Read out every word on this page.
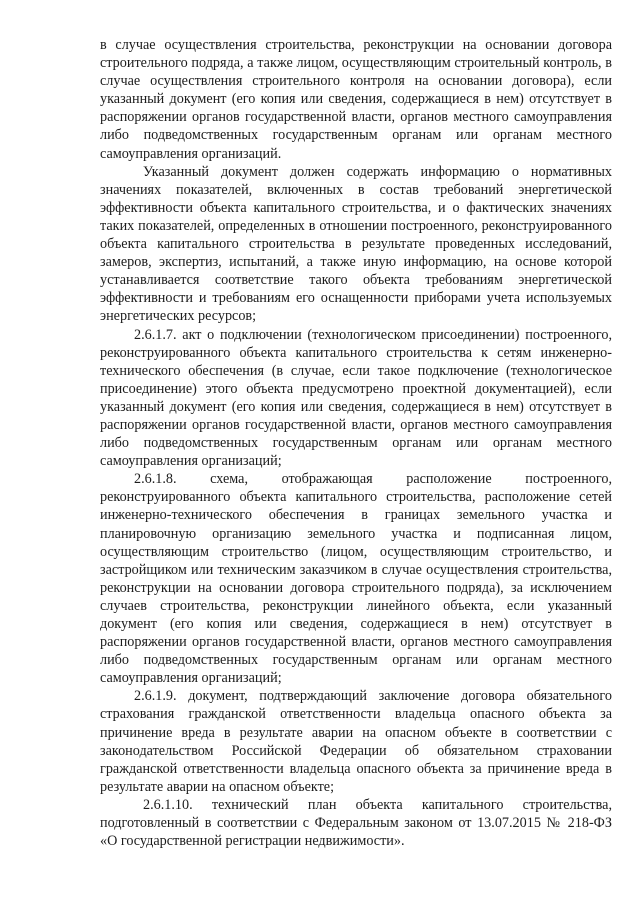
в случае осуществления строительства, реконструкции на основании договора строительного подряда, а также лицом, осуществляющим строительный контроль, в случае осуществления строительного контроля на основании договора), если указанный документ (его копия или сведения, содержащиеся в нем) отсутствует в распоряжении органов государственной власти, органов местного самоуправления либо подведомственных государственным органам или органам местного самоуправления организаций.

Указанный документ должен содержать информацию о нормативных значениях показателей, включенных в состав требований энергетической эффективности объекта капитального строительства, и о фактических значениях таких показателей, определенных в отношении построенного, реконструированного объекта капитального строительства в результате проведенных исследований, замеров, экспертиз, испытаний, а также иную информацию, на основе которой устанавливается соответствие такого объекта требованиям энергетической эффективности и требованиям его оснащенности приборами учета используемых энергетических ресурсов;

2.6.1.7. акт о подключении (технологическом присоединении) построенного, реконструированного объекта капитального строительства к сетям инженерно-технического обеспечения (в случае, если такое подключение (технологическое присоединение) этого объекта предусмотрено проектной документацией), если указанный документ (его копия или сведения, содержащиеся в нем) отсутствует в распоряжении органов государственной власти, органов местного самоуправления либо подведомственных государственным органам или органам местного самоуправления организаций;

2.6.1.8. схема, отображающая расположение построенного, реконструированного объекта капитального строительства, расположение сетей инженерно-технического обеспечения в границах земельного участка и планировочную организацию земельного участка и подписанная лицом, осуществляющим строительство (лицом, осуществляющим строительство, и застройщиком или техническим заказчиком в случае осуществления строительства, реконструкции на основании договора строительного подряда), за исключением случаев строительства, реконструкции линейного объекта, если указанный документ (его копия или сведения, содержащиеся в нем) отсутствует в распоряжении органов государственной власти, органов местного самоуправления либо подведомственных государственным органам или органам местного самоуправления организаций;

2.6.1.9. документ, подтверждающий заключение договора обязательного страхования гражданской ответственности владельца опасного объекта за причинение вреда в результате аварии на опасном объекте в соответствии с законодательством Российской Федерации об обязательном страховании гражданской ответственности владельца опасного объекта за причинение вреда в результате аварии на опасном объекте;

2.6.1.10. технический план объекта капитального строительства, подготовленный в соответствии с Федеральным законом от 13.07.2015 № 218-ФЗ «О государственной регистрации недвижимости».
